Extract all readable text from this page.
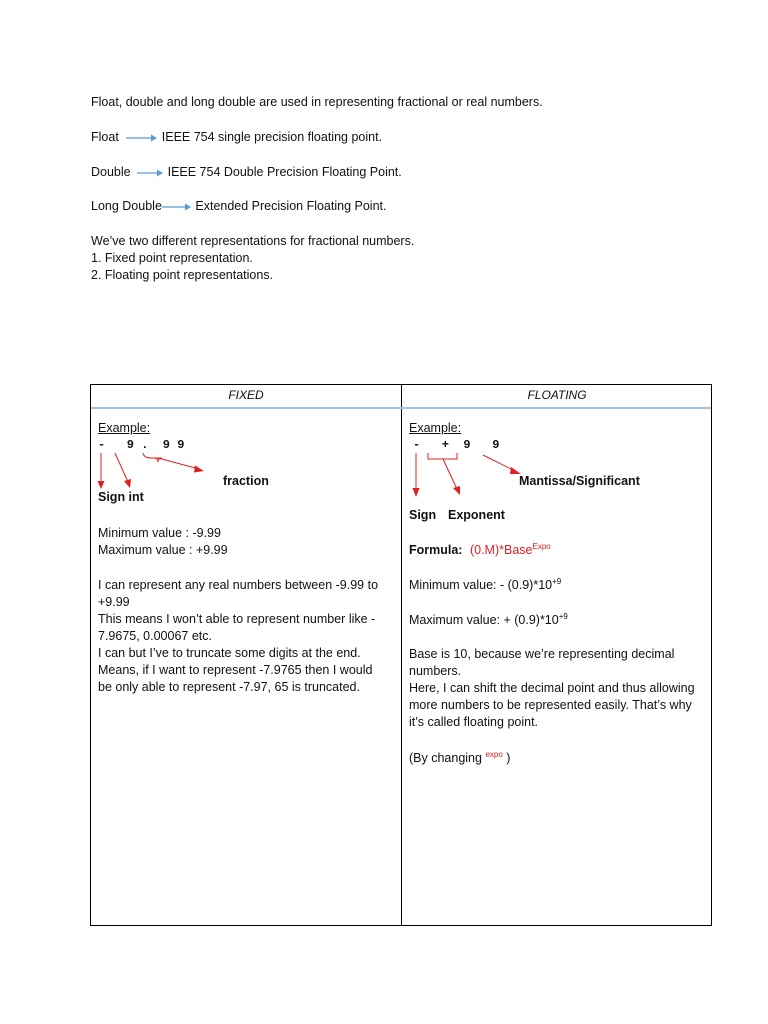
Float, double and long double are used in representing fractional or real numbers.
Float	IEEE 754 single precision floating point.
Double	IEEE 754 Double Precision Floating Point.
Long Double	Extended Precision Floating Point.
We’ve two different representations for fractional numbers.
1. Fixed point representation.
2. Floating point representations.
FIXED	FLOATING
Example:
-   9 .  9 9
fraction
Sign int
Minimum value : -9.99
Maximum value : +9.99
I can represent any real numbers between -9.99 to
+9.99
This means I won’t able to represent number like -
7.9675, 0.00067 etc.
I can but I’ve to truncate some digits at the end.
Means, if I want to represent -7.9765 then I would
be only able to represent -7.97, 65 is truncated.
Example:
-   +  9   9
Mantissa/Significant
Sign Exponent
Formula: (0.M)*Base$^{Expo}$
Minimum value: - $(0.9)*10^{+9}$
Maximum value: + $(0.9)*10^{+9}$
Base is 10, because we’re representing decimal
numbers.
Here, I can shift the decimal point and thus allowing
more numbers to be represented easily. That’s why
it’s called floating point.
(By changing $^{expo}$ )
